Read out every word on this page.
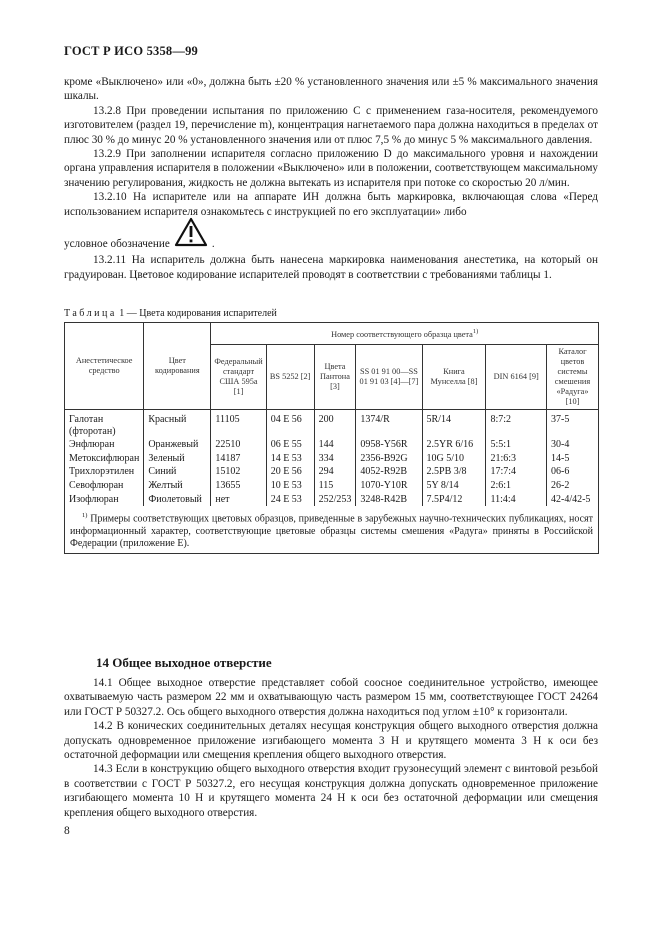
ГОСТ Р ИСО 5358—99

кроме «Выключено» или «0», должна быть ±20 % установленного значения или ±5 % максимального значения шкалы.

13.2.8 При проведении испытания по приложению С с применением газа-носителя, рекомендуемого изготовителем (раздел 19, перечисление m), концентрация нагнетаемого пара должна находиться в пределах от плюс 30 % до минус 20 % установленного значения или от плюс 7,5 % до минус 5 % максимального давления.

13.2.9 При заполнении испарителя согласно приложению D до максимального уровня и нахождении органа управления испарителя в положении «Выключено» или в положении, соответствующем максимальному значению регулирования, жидкость не должна вытекать из испарителя при потоке со скоростью 20 л/мин.

13.2.10 На испарителе или на аппарате ИН должна быть маркировка, включающая слова «Перед использованием испарителя ознакомьтесь с инструкцией по его эксплуатации» либо

условное обозначение	.

13.2.11 На испаритель должна быть нанесена маркировка наименования анестетика, на который он градуирован. Цветовое кодирование испарителей проводят в соответствии с требованиями таблицы 1.

Таблица 1 — Цвета кодирования испарителей
Анестетическое средство	Цвет кодирования	Номер соответствующего образца цвета$^{1)}$
		Федеральный стандарт США 595а [1]	BS 5252 [2]	Цвета Пантона [3]	SS 01 91 00—SS 01 91 03 [4]—[7]	Книга Мунселла [8]	DIN 6164 [9]	Каталог цветов системы смешения «Радуга» [10]
Галотан (фторотан)	Красный	11105	04 E 56	200	1374/R	5R/14	8:7:2	37-5
Энфлюран	Оранжевый	22510	06 E 55	144	0958-Y56R	2.5YR 6/16	5:5:1	30-4
Метоксифлюран	Зеленый	14187	14 E 53	334	2356-B92G	10G 5/10	21:6:3	14-5
Трихлорэтилен	Синий	15102	20 E 56	294	4052-R92B	2.5PB 3/8	17:7:4	06-6
Севофлюран	Желтый	13655	10 E 53	115	1070-Y10R	5Y 8/14	2:6:1	26-2
Изофлюран	Фиолетовый	нет	24 E 53	252/253	3248-R42B	7.5P4/12	11:4:4	42-4/42-5
$^{1)}$ Примеры соответствующих цветовых образцов, приведенные в зарубежных научно-технических публикациях, носят информационный характер, соответствующие цветовые образцы системы смешения «Радуга» приняты в Российской Федерации (приложение Е).								
14 Общее выходное отверстие

14.1 Общее выходное отверстие представляет собой соосное соединительное устройство, имеющее охватываемую часть размером 22 мм и охватывающую часть размером 15 мм, соответствующее ГОСТ 24264 или ГОСТ Р 50327.2. Ось общего выходного отверстия должна находиться под углом ±10° к горизонтали.

14.2 В конических соединительных деталях несущая конструкция общего выходного отверстия должна допускать одновременное приложение изгибающего момента 3 Н и крутящего момента 3 Н к оси без остаточной деформации или смещения крепления общего выходного отверстия.

14.3 Если в конструкцию общего выходного отверстия входит грузонесущий элемент с винтовой резьбой в соответствии с ГОСТ Р 50327.2, его несущая конструкция должна допускать одновременное приложение изгибающего момента 10 Н и крутящего момента 24 Н к оси без остаточной деформации или смещения крепления общего выходного отверстия.

8
